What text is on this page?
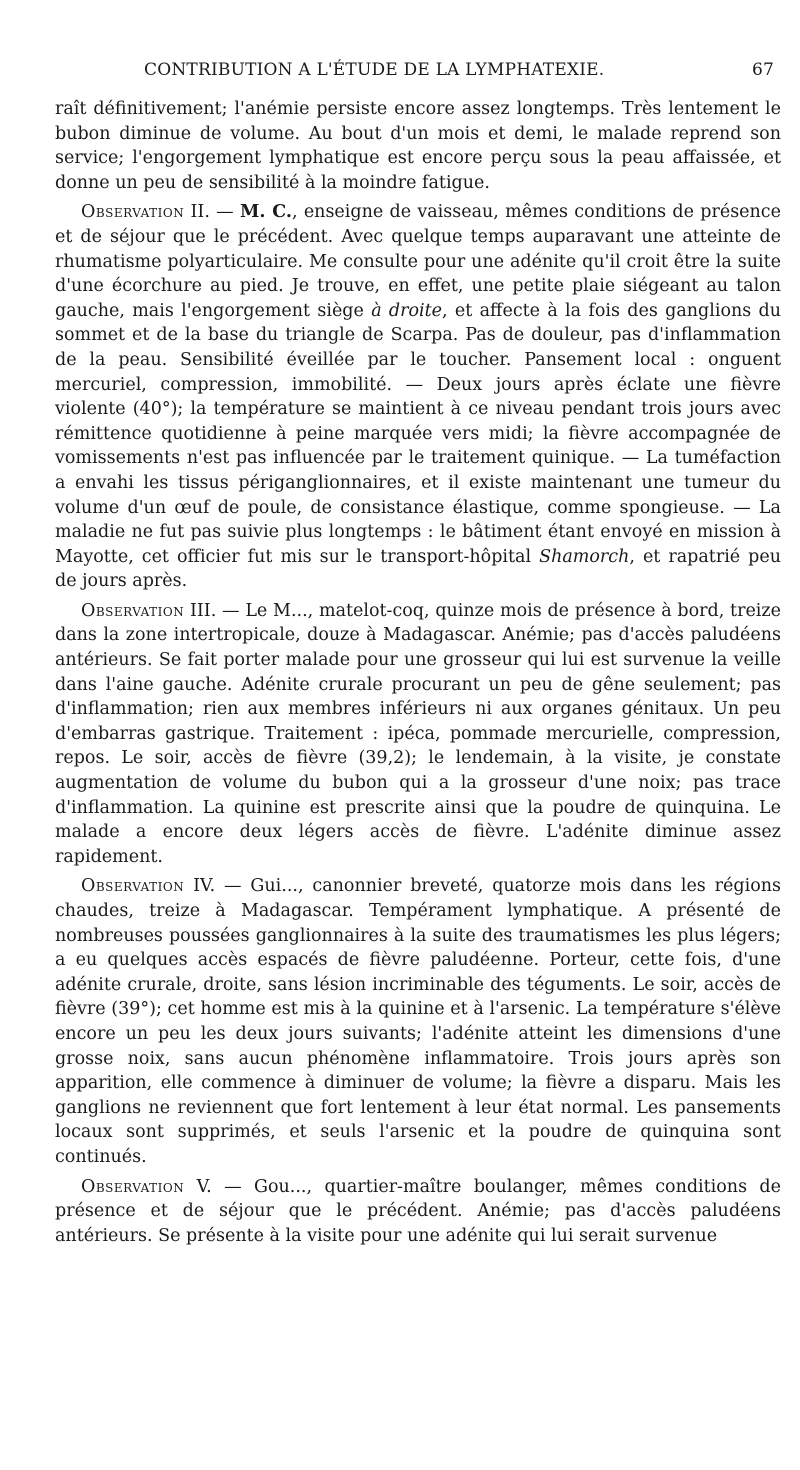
CONTRIBUTION A L'ÉTUDE DE LA LYMPHATEXIE.	67

raît définitivement; l'anémie persiste encore assez longtemps. Très lentement le bubon diminue de volume. Au bout d'un mois et demi, le malade reprend son service; l'engorgement lymphatique est encore perçu sous la peau affaissée, et donne un peu de sensibilité à la moindre fatigue.

Observation II. — M. C., enseigne de vaisseau, mêmes conditions de présence et de séjour que le précédent. Avec quelque temps auparavant une atteinte de rhumatisme polyarticulaire. Me consulte pour une adénite qu'il croit être la suite d'une écorchure au pied. Je trouve, en effet, une petite plaie siégeant au talon gauche, mais l'engorgement siège à droite, et affecte à la fois des ganglions du sommet et de la base du triangle de Scarpa. Pas de douleur, pas d'inflammation de la peau. Sensibilité éveillée par le toucher. Pansement local : onguent mercuriel, compression, immobilité. — Deux jours après éclate une fièvre violente (40°); la température se maintient à ce niveau pendant trois jours avec rémittence quotidienne à peine marquée vers midi; la fièvre accompagnée de vomissements n'est pas influencée par le traitement quinique. — La tuméfaction a envahi les tissus périganglionnaires, et il existe maintenant une tumeur du volume d'un œuf de poule, de consistance élastique, comme spongieuse. — La maladie ne fut pas suivie plus longtemps : le bâtiment étant envoyé en mission à Mayotte, cet officier fut mis sur le transport-hôpital Shamorch, et rapatrié peu de jours après.

Observation III. — Le M..., matelot-coq, quinze mois de présence à bord, treize dans la zone intertropicale, douze à Madagascar. Anémie; pas d'accès paludéens antérieurs. Se fait porter malade pour une grosseur qui lui est survenue la veille dans l'aine gauche. Adénite crurale procurant un peu de gêne seulement; pas d'inflammation; rien aux membres inférieurs ni aux organes génitaux. Un peu d'embarras gastrique. Traitement : ipéca, pommade mercurielle, compression, repos. Le soir, accès de fièvre (39,2); le lendemain, à la visite, je constate augmentation de volume du bubon qui a la grosseur d'une noix; pas trace d'inflammation. La quinine est prescrite ainsi que la poudre de quinquina. Le malade a encore deux légers accès de fièvre. L'adénite diminue assez rapidement.

Observation IV. — Gui..., canonnier breveté, quatorze mois dans les régions chaudes, treize à Madagascar. Tempérament lymphatique. A présenté de nombreuses poussées ganglionnaires à la suite des traumatismes les plus légers; a eu quelques accès espacés de fièvre paludéenne. Porteur, cette fois, d'une adénite crurale, droite, sans lésion incriminable des téguments. Le soir, accès de fièvre (39°); cet homme est mis à la quinine et à l'arsenic. La température s'élève encore un peu les deux jours suivants; l'adénite atteint les dimensions d'une grosse noix, sans aucun phénomène inflammatoire. Trois jours après son apparition, elle commence à diminuer de volume; la fièvre a disparu. Mais les ganglions ne reviennent que fort lentement à leur état normal. Les pansements locaux sont supprimés, et seuls l'arsenic et la poudre de quinquina sont continués.

Observation V. — Gou..., quartier-maître boulanger, mêmes conditions de présence et de séjour que le précédent. Anémie; pas d'accès paludéens antérieurs. Se présente à la visite pour une adénite qui lui serait survenue
